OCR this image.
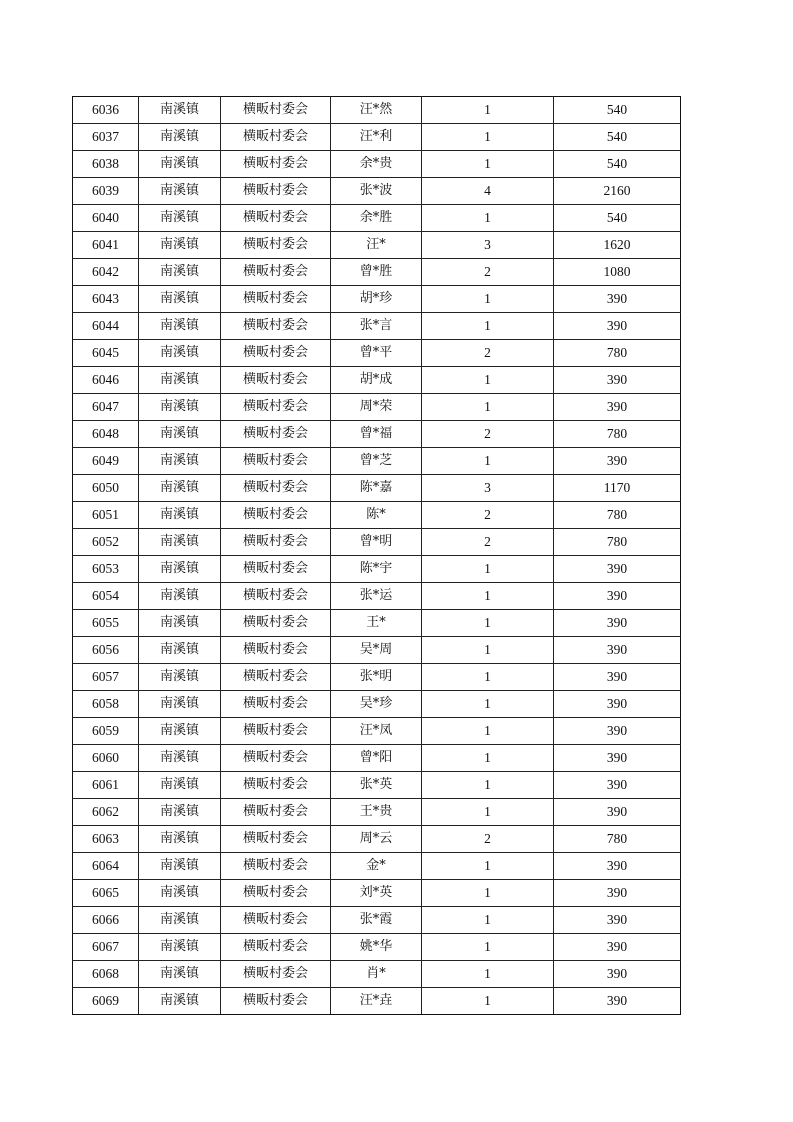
6036	南溪镇	横畈村委会	汪*然	1	540
6037	南溪镇	横畈村委会	汪*利	1	540
6038	南溪镇	横畈村委会	余*贵	1	540
6039	南溪镇	横畈村委会	张*波	4	2160
6040	南溪镇	横畈村委会	余*胜	1	540
6041	南溪镇	横畈村委会	汪*	3	1620
6042	南溪镇	横畈村委会	曾*胜	2	1080
6043	南溪镇	横畈村委会	胡*珍	1	390
6044	南溪镇	横畈村委会	张*言	1	390
6045	南溪镇	横畈村委会	曾*平	2	780
6046	南溪镇	横畈村委会	胡*成	1	390
6047	南溪镇	横畈村委会	周*荣	1	390
6048	南溪镇	横畈村委会	曾*福	2	780
6049	南溪镇	横畈村委会	曾*芝	1	390
6050	南溪镇	横畈村委会	陈*嘉	3	1170
6051	南溪镇	横畈村委会	陈*	2	780
6052	南溪镇	横畈村委会	曾*明	2	780
6053	南溪镇	横畈村委会	陈*宇	1	390
6054	南溪镇	横畈村委会	张*运	1	390
6055	南溪镇	横畈村委会	王*	1	390
6056	南溪镇	横畈村委会	吴*周	1	390
6057	南溪镇	横畈村委会	张*明	1	390
6058	南溪镇	横畈村委会	吴*珍	1	390
6059	南溪镇	横畈村委会	汪*凤	1	390
6060	南溪镇	横畈村委会	曾*阳	1	390
6061	南溪镇	横畈村委会	张*英	1	390
6062	南溪镇	横畈村委会	王*贵	1	390
6063	南溪镇	横畈村委会	周*云	2	780
6064	南溪镇	横畈村委会	金*	1	390
6065	南溪镇	横畈村委会	刘*英	1	390
6066	南溪镇	横畈村委会	张*霞	1	390
6067	南溪镇	横畈村委会	姚*华	1	390
6068	南溪镇	横畈村委会	肖*	1	390
6069	南溪镇	横畈村委会	汪*垚	1	390
